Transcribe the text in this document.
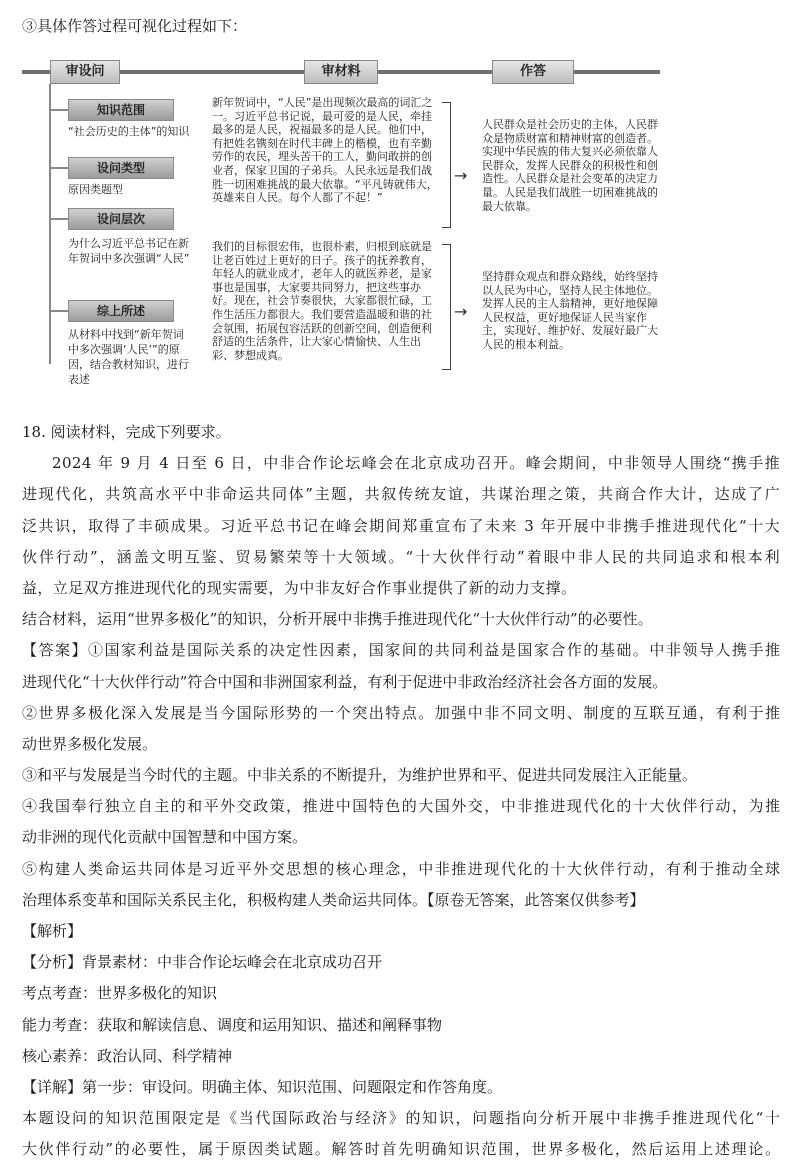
③具体作答过程可视化过程如下：
审设问	审材料	作答
知识范围
“社会历史的主体”的知识
设问类型
原因类题型
设问层次
为什么习近平总书记在新年贺词中多次强调“人民”
综上所述
从材料中找到“新年贺词中多次强调‘人民’”的原因，结合教材知识，进行表述
新年贺词中，“人民”是出现频次最高的词汇之一。习近平总书记说，最可爱的是人民，牵挂最多的是人民，祝福最多的是人民。他们中，有把姓名镌刻在时代丰碑上的楷模，也有辛勤劳作的农民，埋头苦干的工人，勤问敢拼的创业者，保家卫国的子弟兵。人民永远是我们战胜一切困难挑战的最大依靠。“平凡铸就伟大，英雄来自人民。每个人都了不起！”
我们的目标很宏伟，也很朴素，归根到底就是让老百姓过上更好的日子。孩子的抚养教育，年轻人的就业成才，老年人的就医养老，是家事也是国事，大家要共同努力，把这些事办好。现在，社会节奏很快，大家都很忙碌，工作生活压力都很大。我们要营造温暖和谐的社会氛围，拓展包容活跃的创新空间，创造便利舒适的生活条件，让大家心情愉快、人生出彩、梦想成真。
→
→
人民群众是社会历史的主体，人民群众是物质财富和精神财富的创造者。实现中华民族的伟大复兴必须依靠人民群众，发挥人民群众的积极性和创造性。人民群众是社会变革的决定力量。人民是我们战胜一切困难挑战的最大依靠。
坚持群众观点和群众路线，始终坚持以人民为中心，坚持人民主体地位。发挥人民的主人翁精神，更好地保障人民权益，更好地保证人民当家作主，实现好、维护好、发展好最广大人民的根本利益。
18. 阅读材料，完成下列要求。
2024 年 9 月 4 日至 6 日，中非合作论坛峰会在北京成功召开。峰会期间，中非领导人围绕“携手推
进现代化，共筑高水平中非命运共同体”主题，共叙传统友谊，共谋治理之策，共商合作大计，达成了广
泛共识，取得了丰硕成果。习近平总书记在峰会期间郑重宣布了未来 3 年开展中非携手推进现代化“十大
伙伴行动”，涵盖文明互鉴、贸易繁荣等十大领域。“十大伙伴行动”着眼中非人民的共同追求和根本利
益，立足双方推进现代化的现实需要，为中非友好合作事业提供了新的动力支撑。
结合材料，运用“世界多极化”的知识，分析开展中非携手推进现代化“十大伙伴行动”的必要性。
【答案】①国家利益是国际关系的决定性因素，国家间的共同利益是国家合作的基础。中非领导人携手推
进现代化“十大伙伴行动”符合中国和非洲国家利益，有利于促进中非政治经济社会各方面的发展。
②世界多极化深入发展是当今国际形势的一个突出特点。加强中非不同文明、制度的互联互通，有利于推
动世界多极化发展。
③和平与发展是当今时代的主题。中非关系的不断提升，为维护世界和平、促进共同发展注入正能量。
④我国奉行独立自主的和平外交政策，推进中国特色的大国外交，中非推进现代化的十大伙伴行动，为推
动非洲的现代化贡献中国智慧和中国方案。
⑤构建人类命运共同体是习近平外交思想的核心理念，中非推进现代化的十大伙伴行动，有利于推动全球
治理体系变革和国际关系民主化，积极构建人类命运共同体。【原卷无答案，此答案仅供参考】
【解析】
【分析】背景素材：中非合作论坛峰会在北京成功召开
考点考查：世界多极化的知识
能力考查：获取和解读信息、调度和运用知识、描述和阐释事物
核心素养：政治认同、科学精神
【详解】第一步：审设问。明确主体、知识范围、问题限定和作答角度。
本题设问的知识范围限定是《当代国际政治与经济》的知识，问题指向分析开展中非携手推进现代化“十
大伙伴行动”的必要性，属于原因类试题。解答时首先明确知识范围，世界多极化，然后运用上述理论。
